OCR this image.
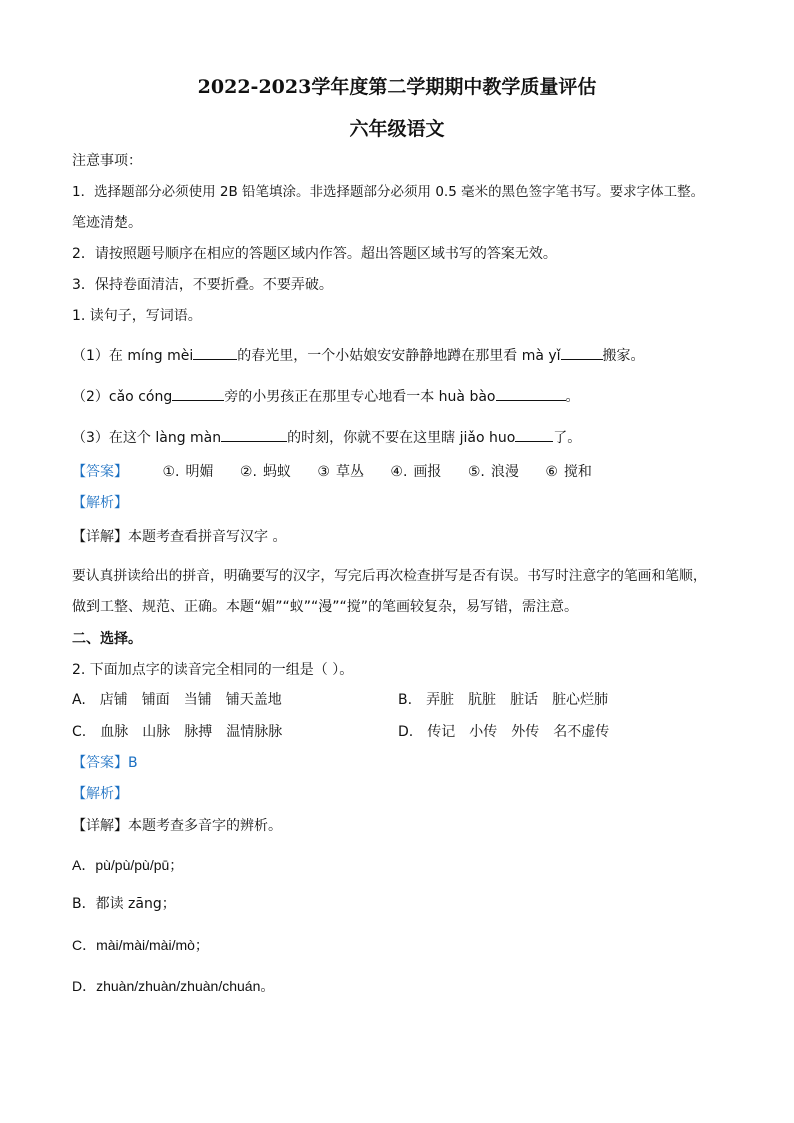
2022-2023学年度第二学期期中教学质量评估
六年级语文
注意事项：
1．选择题部分必须使用 2B 铅笔填涂。非选择题部分必须用 0.5 毫米的黑色签字笔书写。要求字体工整。
笔迹清楚。
2．请按照题号顺序在相应的答题区域内作答。超出答题区域书写的答案无效。
3．保持卷面清洁，不要折叠。不要弄破。
1. 读句子，写词语。
（1）在 míng mèi	的春光里，一个小姑娘安安静静地蹲在那里看 mà yǐ	搬家。
（2）cǎo cóng	旁的小男孩正在那里专心地看一本 huà bào	。
（3）在这个 làng màn	的时刻，你就不要在这里瞎 jiǎo huo	了。
【答案】 ①. 明媚 ②. 蚂蚁 ③ 草丛 ④. 画报 ⑤. 浪漫 ⑥ 搅和
【解析】
【详解】本题考查看拼音写汉字 。
要认真拼读给出的拼音，明确要写的汉字，写完后再次检查拼写是否有误。书写时注意字的笔画和笔顺，
做到工整、规范、正确。本题“媚”“蚁”“漫”“搅”的笔画较复杂，易写错，需注意。
二、选择。
2. 下面加点字的读音完全相同的一组是（ ）。
A. 店铺 铺面 当铺 铺天盖地	B. 弄脏 肮脏 脏话 脏心烂肺
C. 血脉 山脉 脉搏 温情脉脉	D. 传记 小传 外传 名不虚传
【答案】B
【解析】
【详解】本题考查多音字的辨析。
A．pù/pù/pù/pū；
B．都读 zāng；
C．mài/mài/mài/mò；
D．zhuàn/zhuàn/zhuàn/chuán。
